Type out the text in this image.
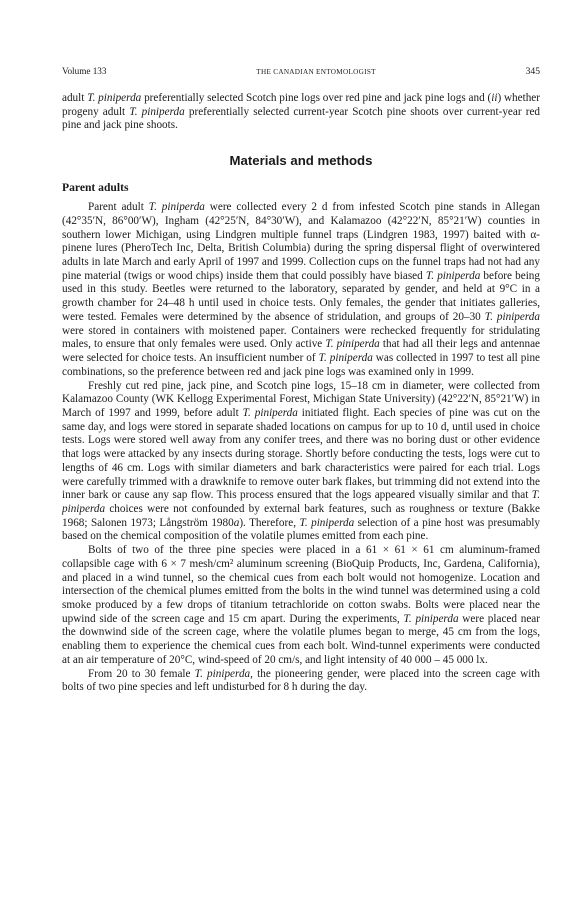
Volume 133	THE CANADIAN ENTOMOLOGIST	345

adult T. piniperda preferentially selected Scotch pine logs over red pine and jack pine logs and (ii) whether progeny adult T. piniperda preferentially selected current-year Scotch pine shoots over current-year red pine and jack pine shoots.

Materials and methods
Parent adults

Parent adult T. piniperda were collected every 2 d from infested Scotch pine stands in Allegan (42°35′N, 86°00′W), Ingham (42°25′N, 84°30′W), and Kalamazoo (42°22′N, 85°21′W) counties in southern lower Michigan, using Lindgren multiple funnel traps (Lindgren 1983, 1997) baited with α-pinene lures (PheroTech Inc, Delta, British Columbia) during the spring dispersal flight of overwintered adults in late March and early April of 1997 and 1999. Collection cups on the funnel traps had not had any pine material (twigs or wood chips) inside them that could possibly have biased T. piniperda before being used in this study. Beetles were returned to the laboratory, separated by gender, and held at 9°C in a growth chamber for 24–48 h until used in choice tests. Only females, the gender that initiates galleries, were tested. Females were determined by the absence of stridulation, and groups of 20–30 T. piniperda were stored in containers with moistened paper. Containers were rechecked frequently for stridulating males, to ensure that only females were used. Only active T. piniperda that had all their legs and antennae were selected for choice tests. An insufficient number of T. piniperda was collected in 1997 to test all pine combinations, so the preference between red and jack pine logs was examined only in 1999.

Freshly cut red pine, jack pine, and Scotch pine logs, 15–18 cm in diameter, were collected from Kalamazoo County (WK Kellogg Experimental Forest, Michigan State University) (42°22′N, 85°21′W) in March of 1997 and 1999, before adult T. piniperda initiated flight. Each species of pine was cut on the same day, and logs were stored in separate shaded locations on campus for up to 10 d, until used in choice tests. Logs were stored well away from any conifer trees, and there was no boring dust or other evidence that logs were attacked by any insects during storage. Shortly before conducting the tests, logs were cut to lengths of 46 cm. Logs with similar diameters and bark characteristics were paired for each trial. Logs were carefully trimmed with a drawknife to remove outer bark flakes, but trimming did not extend into the inner bark or cause any sap flow. This process ensured that the logs appeared visually similar and that T. piniperda choices were not confounded by external bark features, such as roughness or texture (Bakke 1968; Salonen 1973; Långström 1980a). Therefore, T. piniperda selection of a pine host was presumably based on the chemical composition of the volatile plumes emitted from each pine.

Bolts of two of the three pine species were placed in a 61 × 61 × 61 cm aluminum-framed collapsible cage with 6 × 7 mesh/cm² aluminum screening (BioQuip Products, Inc, Gardena, California), and placed in a wind tunnel, so the chemical cues from each bolt would not homogenize. Location and intersection of the chemical plumes emitted from the bolts in the wind tunnel was determined using a cold smoke produced by a few drops of titanium tetrachloride on cotton swabs. Bolts were placed near the upwind side of the screen cage and 15 cm apart. During the experiments, T. piniperda were placed near the downwind side of the screen cage, where the volatile plumes began to merge, 45 cm from the logs, enabling them to experience the chemical cues from each bolt. Wind-tunnel experiments were conducted at an air temperature of 20°C, wind-speed of 20 cm/s, and light intensity of 40 000 – 45 000 lx.

From 20 to 30 female T. piniperda, the pioneering gender, were placed into the screen cage with bolts of two pine species and left undisturbed for 8 h during the day.
